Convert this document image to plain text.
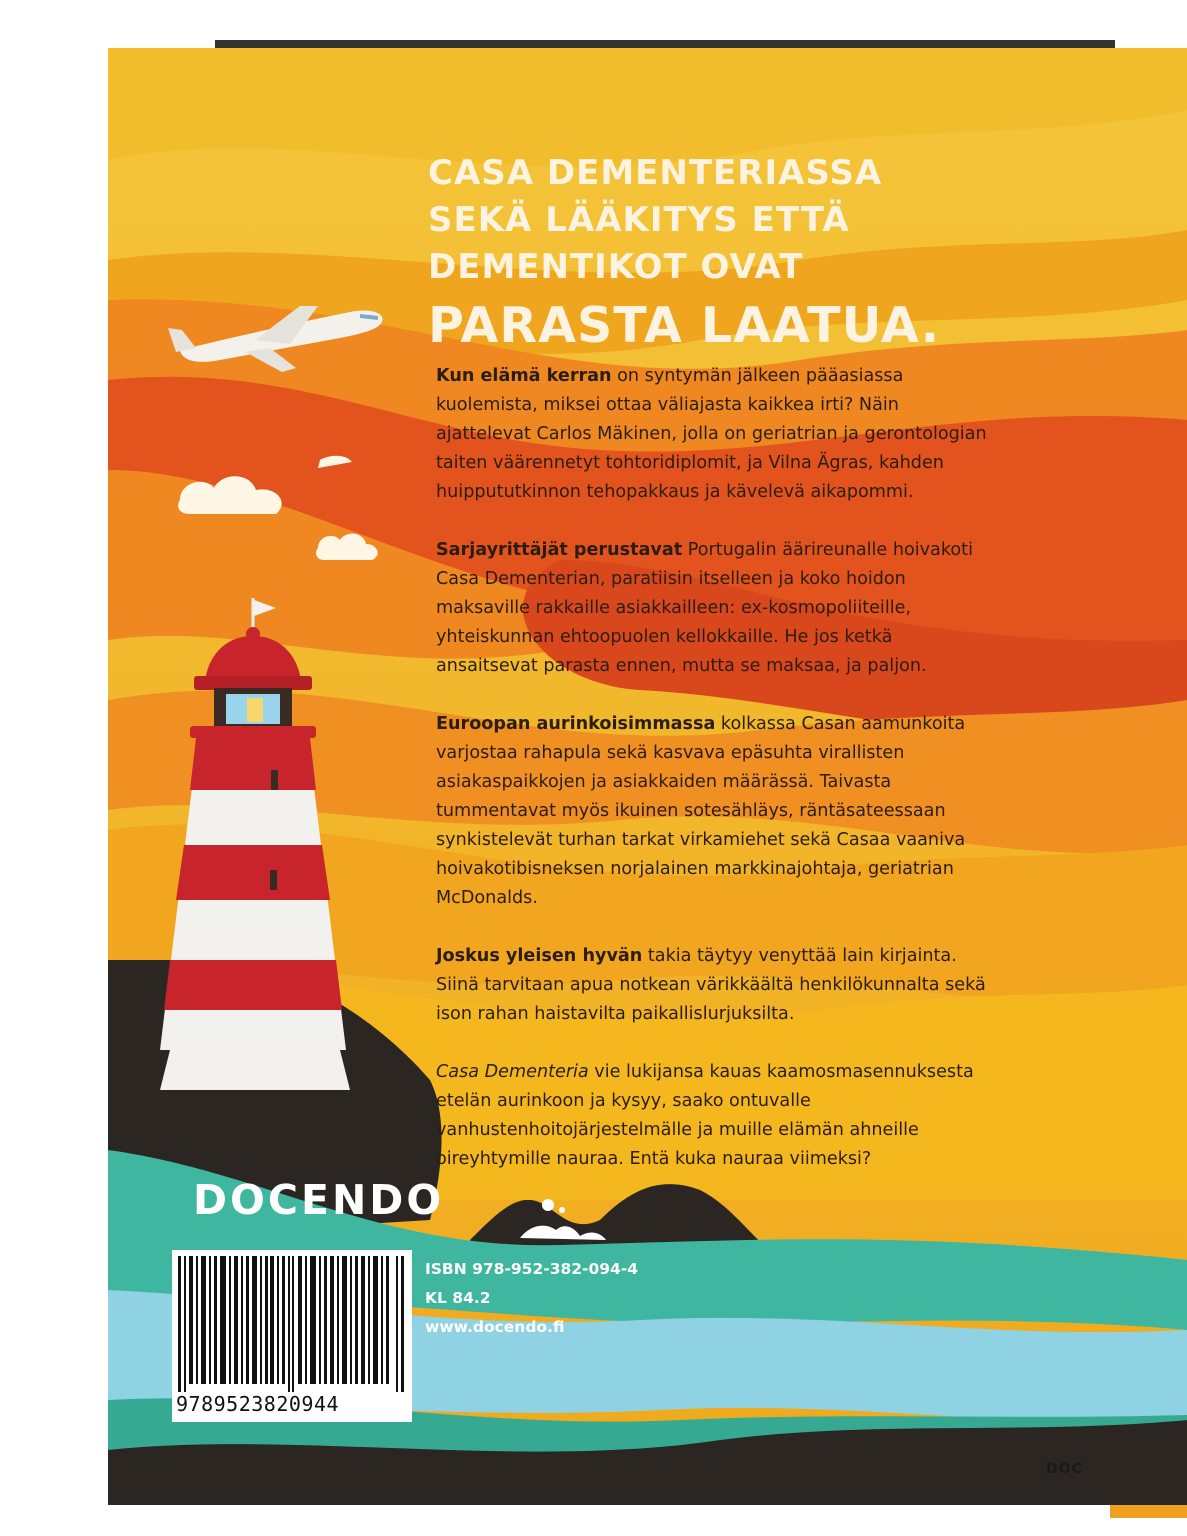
CASA DEMENTERIASSA
SEKÄ LÄÄKITYS ETTÄ
DEMENTIKOT OVAT
PARASTA LAATUA.

Kun elämä kerran on syntymän jälkeen pääasiassa kuolemista, miksei ottaa väliajasta kaikkea irti? Näin ajattelevat Carlos Mäkinen, jolla on geriatrian ja gerontologian taiten väärennetyt tohtoridiplomit, ja Vilna Ägras, kahden huippututkinnon tehopakkaus ja kävelevä aikapommi.

Sarjayrittäjät perustavat Portugalin äärireunalle hoivakoti Casa Dementerian, paratiisin itselleen ja koko hoidon maksaville rakkaille asiakkailleen: ex-kosmopoliiteille, yhteiskunnan ehtoopuolen kellokkaille. He jos ketkä ansaitsevat parasta ennen, mutta se maksaa, ja paljon.

Euroopan aurinkoisimmassa kolkassa Casan aamunkoita varjostaa rahapula sekä kasvava epäsuhta virallisten asiakaspaikkojen ja asiakkaiden määrässä. Taivasta tummentavat myös ikuinen sotesähläys, räntäsateessaan synkistelevät turhan tarkat virkamiehet sekä Casaa vaaniva hoivakotibisneksen norjalainen markkinajohtaja, geriatrian McDonalds.

Joskus yleisen hyvän takia täytyy venyttää lain kirjainta. Siinä tarvitaan apua notkean värikkäältä henkilökunnalta sekä ison rahan haistavilta paikallislurjuksilta.

Casa Dementeria vie lukijansa kauas kaamosmasennuksesta etelän aurinkoon ja kysyy, saako ontuvalle vanhustenhoitojärjestelmälle ja muille elämän ahneille oireyhtymille nauraa. Entä kuka nauraa viimeksi?

DOCENDO
ISBN 978-952-382-094-4
KL 84.2
www.docendo.fi
9789523820944
DOC
